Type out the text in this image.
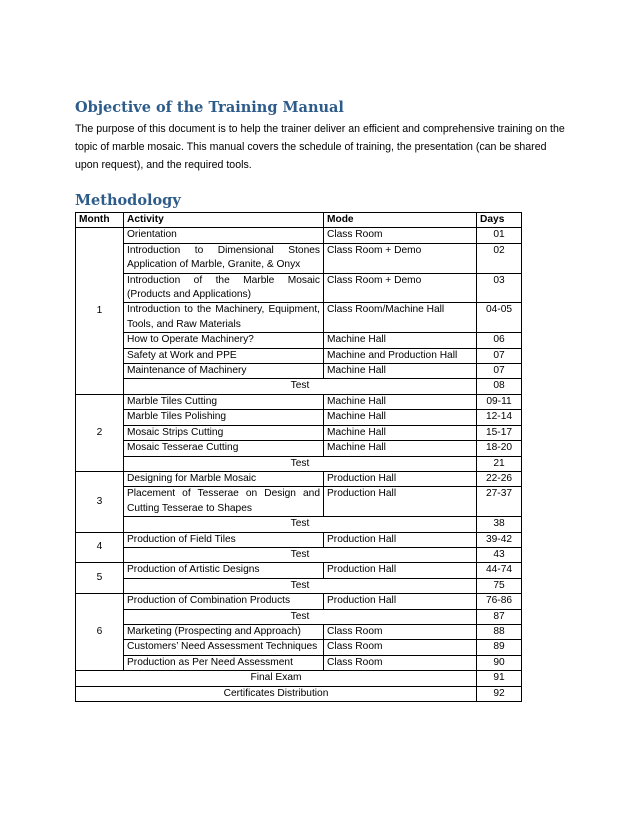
Objective of the Training Manual

The purpose of this document is to help the trainer deliver an efficient and comprehensive training on the topic of marble mosaic. This manual covers the schedule of training, the presentation (can be shared upon request), and the required tools.

Methodology
Month	Activity	Mode	Days
1	Orientation	Class Room	01
	Introduction to Dimensional Stones Application of Marble, Granite, & Onyx	Class Room + Demo	02
	Introduction of the Marble Mosaic (Products and Applications)	Class Room + Demo	03
	Introduction to the Machinery, Equipment, Tools, and Raw Materials	Class Room/Machine Hall	04-05
	How to Operate Machinery?	Machine Hall	06
	Safety at Work and PPE	Machine and Production Hall	07
	Maintenance of Machinery	Machine Hall	07
	Test		08
2	Marble Tiles Cutting	Machine Hall	09-11
	Marble Tiles Polishing	Machine Hall	12-14
	Mosaic Strips Cutting	Machine Hall	15-17
	Mosaic Tesserae Cutting	Machine Hall	18-20
	Test		21
3	Designing for Marble Mosaic	Production Hall	22-26
	Placement of Tesserae on Design and Cutting Tesserae to Shapes	Production Hall	27-37
	Test		38
4	Production of Field Tiles	Production Hall	39-42
	Test		43
5	Production of Artistic Designs	Production Hall	44-74
	Test		75
6	Production of Combination Products	Production Hall	76-86
	Test		87
	Marketing (Prospecting and Approach)	Class Room	88
	Customers’ Need Assessment Techniques	Class Room	89
	Production as Per Need Assessment	Class Room	90
Final Exam			91
Certificates Distribution			92
